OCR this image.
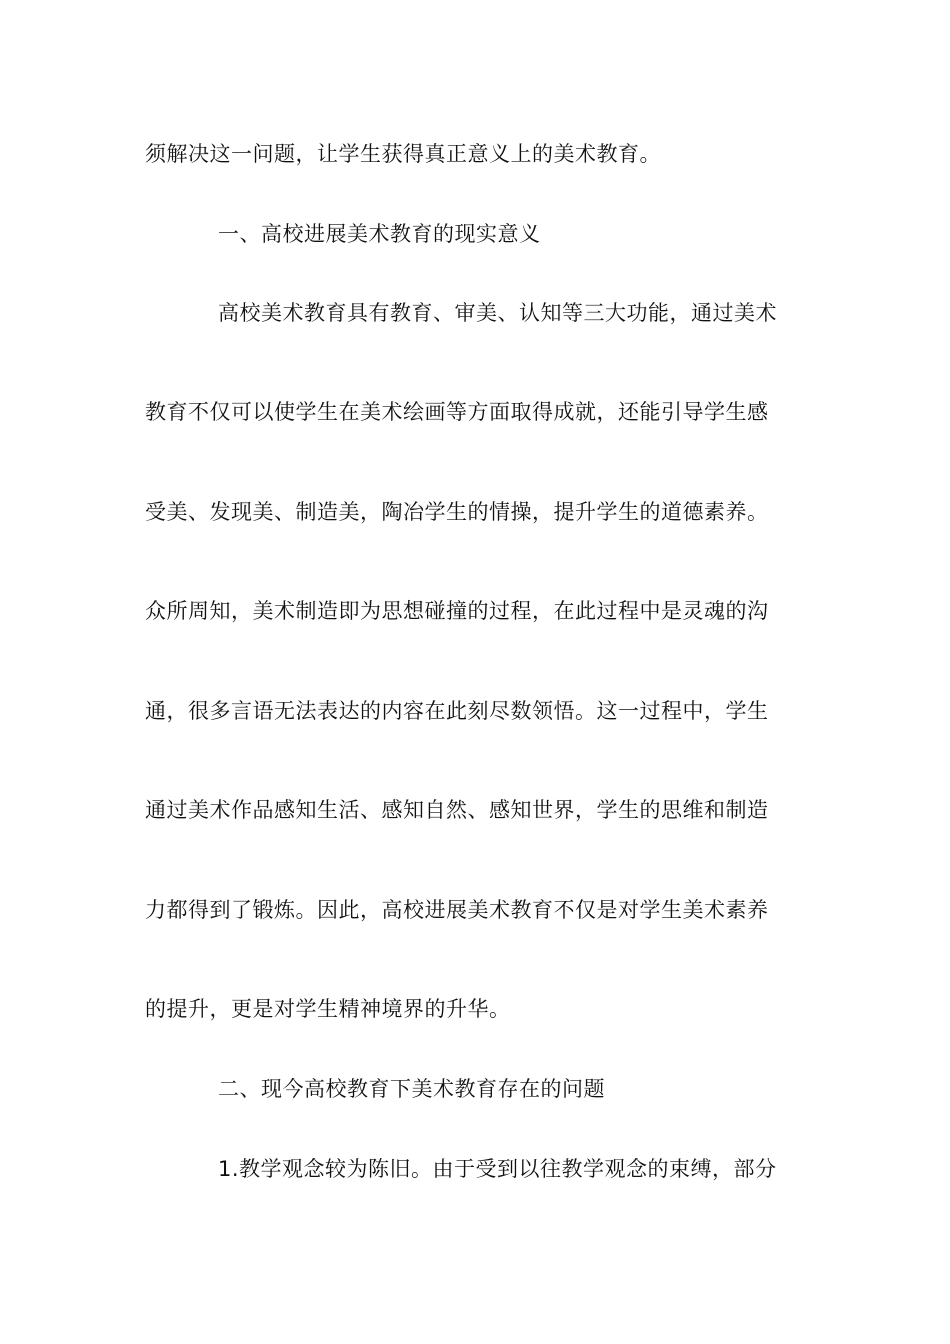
须解决这一问题，让学生获得真正意义上的美术教育。
一、高校进展美术教育的现实意义
高校美术教育具有教育、审美、认知等三大功能，通过美术
教育不仅可以使学生在美术绘画等方面取得成就，还能引导学生感
受美、发现美、制造美，陶冶学生的情操，提升学生的道德素养。
众所周知，美术制造即为思想碰撞的过程，在此过程中是灵魂的沟
通，很多言语无法表达的内容在此刻尽数领悟。这一过程中，学生
通过美术作品感知生活、感知自然、感知世界，学生的思维和制造
力都得到了锻炼。因此，高校进展美术教育不仅是对学生美术素养
的提升，更是对学生精神境界的升华。
二、现今高校教育下美术教育存在的问题
1.教学观念较为陈旧。由于受到以往教学观念的束缚，部分
